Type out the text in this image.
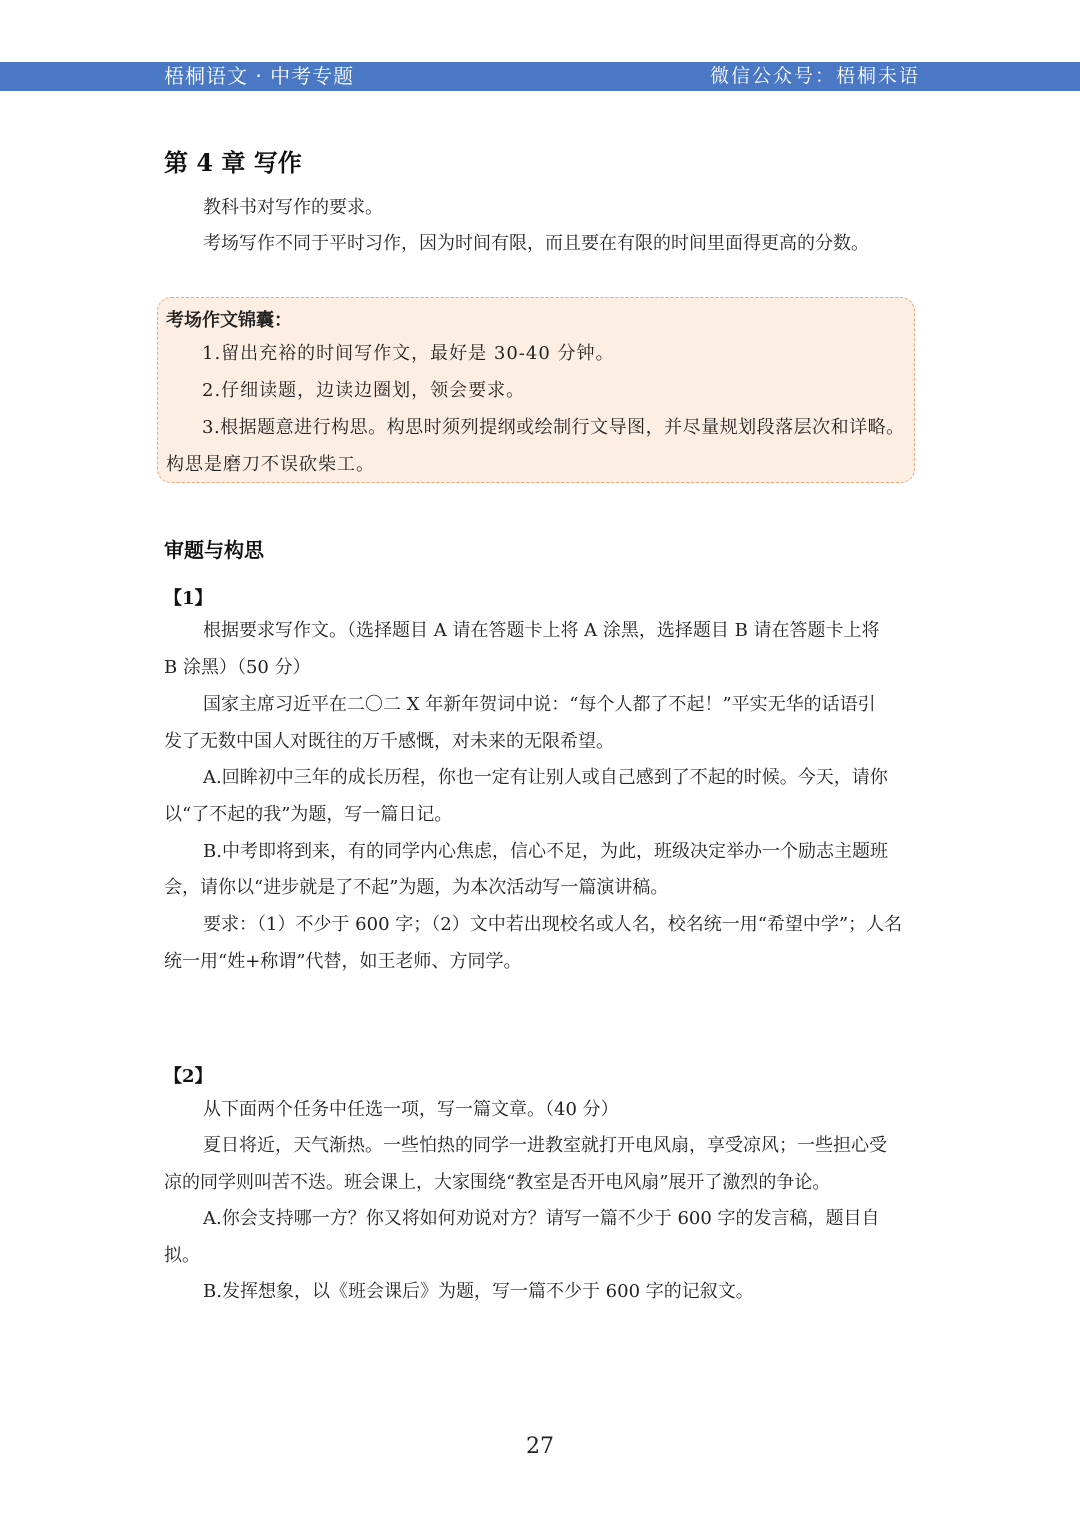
梧桐语文 · 中考专题	微信公众号：梧桐未语
第 4 章 写作
教科书对写作的要求。
考场写作不同于平时习作，因为时间有限，而且要在有限的时间里面得更高的分数。
考场作文锦囊：
1.留出充裕的时间写作文，最好是 30-40 分钟。
2.仔细读题，边读边圈划，领会要求。
3.根据题意进行构思。构思时须列提纲或绘制行文导图，并尽量规划段落层次和详略。
构思是磨刀不误砍柴工。
审题与构思
【1】
根据要求写作文。（选择题目 A 请在答题卡上将 A 涂黑，选择题目 B 请在答题卡上将
B 涂黑）（50 分）
国家主席习近平在二〇二 X 年新年贺词中说：“每个人都了不起！”平实无华的话语引
发了无数中国人对既往的万千感慨，对未来的无限希望。
A.回眸初中三年的成长历程，你也一定有让别人或自己感到了不起的时候。今天，请你
以“了不起的我”为题，写一篇日记。
B.中考即将到来，有的同学内心焦虑，信心不足，为此，班级决定举办一个励志主题班
会，请你以“进步就是了不起”为题，为本次活动写一篇演讲稿。
要求：（1）不少于 600 字；（2）文中若出现校名或人名，校名统一用“希望中学”；人名
统一用“姓+称谓”代替，如王老师、方同学。
【2】
从下面两个任务中任选一项，写一篇文章。（40 分）
夏日将近，天气渐热。一些怕热的同学一进教室就打开电风扇，享受凉风；一些担心受
凉的同学则叫苦不迭。班会课上，大家围绕“教室是否开电风扇”展开了激烈的争论。
A.你会支持哪一方？你又将如何劝说对方？请写一篇不少于 600 字的发言稿，题目自
拟。
B.发挥想象，以《班会课后》为题，写一篇不少于 600 字的记叙文。
27
